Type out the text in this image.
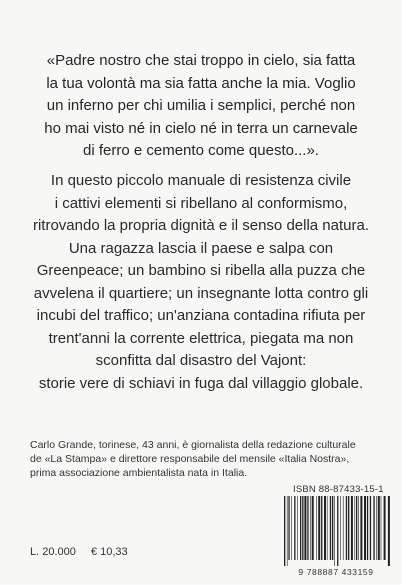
«Padre nostro che stai troppo in cielo, sia fatta
la tua volontà ma sia fatta anche la mia. Voglio
un inferno per chi umilia i semplici, perché non
ho mai visto né in cielo né in terra un carnevale
di ferro e cemento come questo...».
In questo piccolo manuale di resistenza civile
i cattivi elementi si ribellano al conformismo,
ritrovando la propria dignità e il senso della natura.
Una ragazza lascia il paese e salpa con
Greenpeace; un bambino si ribella alla puzza che
avvelena il quartiere; un insegnante lotta contro gli
incubi del traffico; un'anziana contadina rifiuta per
trent'anni la corrente elettrica, piegata ma non
sconfitta dal disastro del Vajont:
storie vere di schiavi in fuga dal villaggio globale.
Carlo Grande, torinese, 43 anni, è giornalista della redazione culturale
de «La Stampa» e direttore responsabile del mensile «Italia Nostra»,
prima associazione ambientalista nata in Italia.
ISBN 88-87433-15-1
9 788887 433159
L. 20.000 € 10,33
